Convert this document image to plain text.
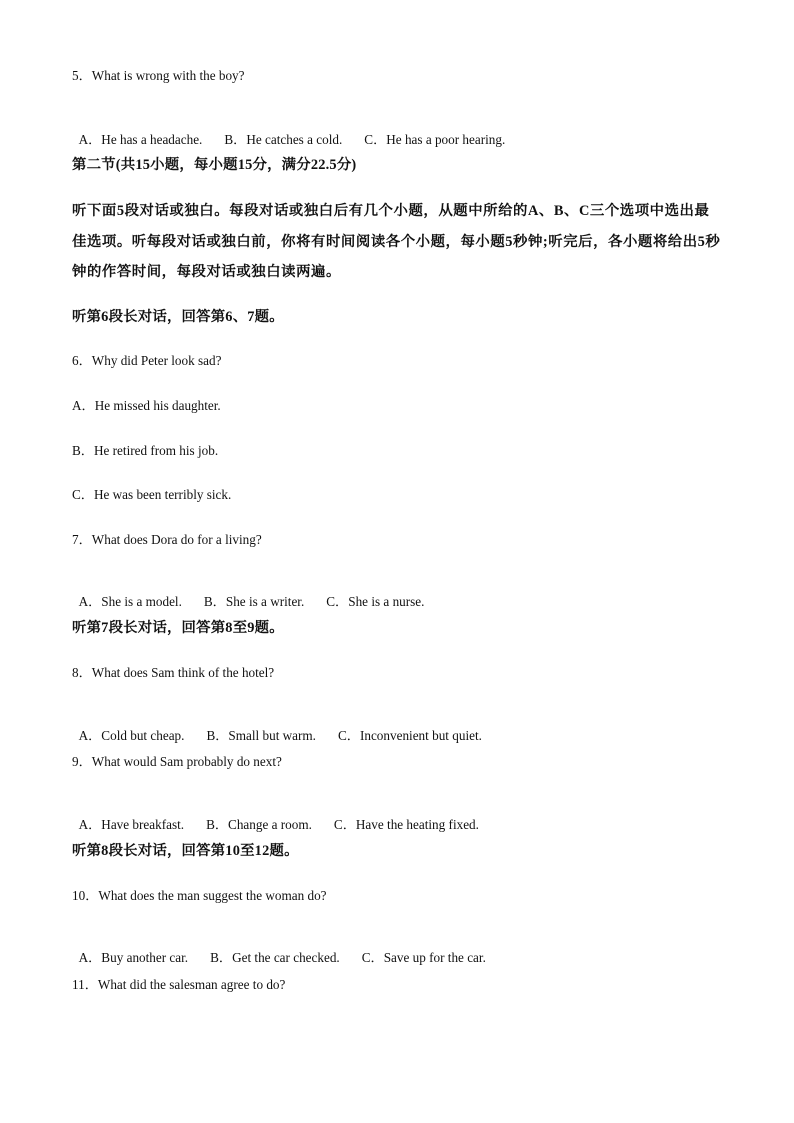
5．What is wrong with the boy?

A．He has a headache. B．He catches a cold. C．He has a poor hearing.

第二节(共15小题，每小题15分，满分22.5分)
听下面5段对话或独白。每段对话或独白后有几个小题，从题中所给的A、B、C三个选项中选出最佳选项。听每段对话或独白前，你将有时间阅读各个小题，每小题5秒钟;听完后，各小题将给出5秒钟的作答时间，每段对话或独白读两遍。
听第6段长对话，回答第6、7题。
6．Why did Peter look sad?
A．He missed his daughter.
B．He retired from his job.
C．He was been terribly sick.
7．What does Dora do for a living?

A．She is a model. B．She is a writer. C．She is a nurse.

听第7段长对话，回答第8至9题。
8．What does Sam think of the hotel?

A．Cold but cheap. B．Small but warm. C．Inconvenient but quiet.

9．What would Sam probably do next?

A．Have breakfast. B．Change a room. C．Have the heating fixed.

听第8段长对话，回答第10至12题。
10．What does the man suggest the woman do?

A．Buy another car. B．Get the car checked. C．Save up for the car.

11．What did the salesman agree to do?
